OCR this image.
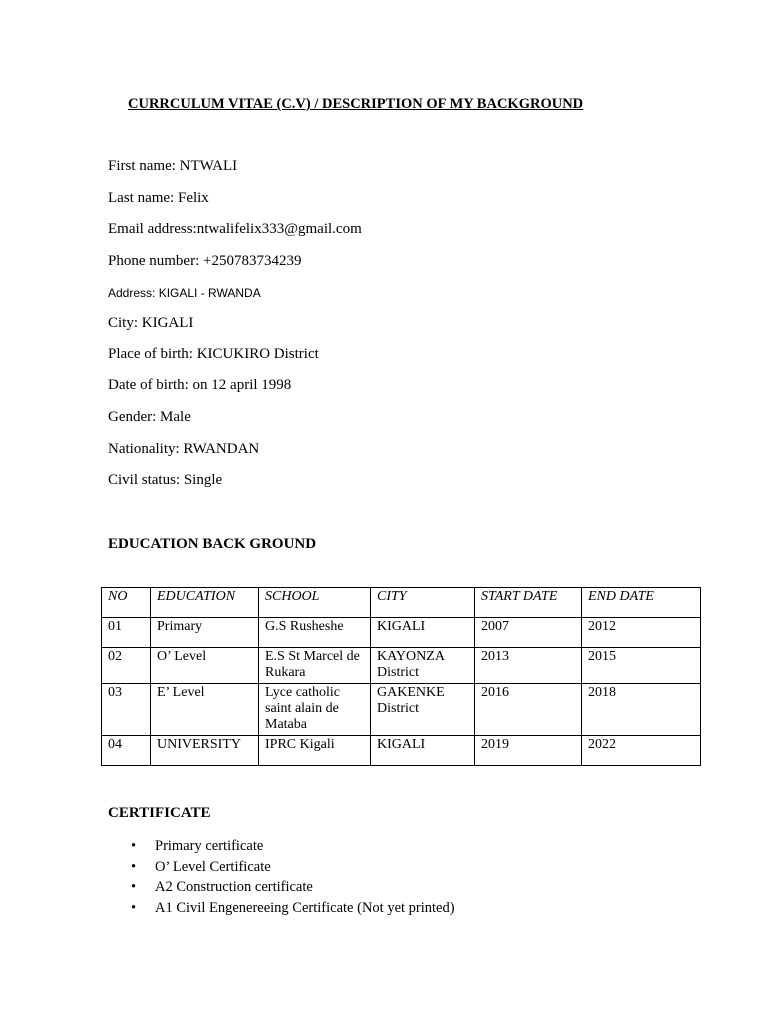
CURRCULUM VITAE (C.V) / DESCRIPTION OF MY BACKGROUND
First name: NTWALI
Last name: Felix
Email address:ntwalifelix333@gmail.com
Phone number: +250783734239
Address: KIGALI - RWANDA
City: KIGALI
Place of birth: KICUKIRO District
Date of birth: on 12 april 1998
Gender: Male
Nationality: RWANDAN
Civil status: Single
EDUCATION BACK GROUND
NO	EDUCATION	SCHOOL	CITY	START DATE	END DATE
01	Primary	G.S Rusheshe	KIGALI	2007	2012
02	O’ Level	E.S St Marcel de Rukara	KAYONZA District	2013	2015
03	E’ Level	Lyce catholic saint alain de Mataba	GAKENKE District	2016	2018
04	UNIVERSITY	IPRC Kigali	KIGALI	2019	2022
CERTIFICATE
• Primary certificate
• O’ Level Certificate
• A2 Construction certificate
• A1 Civil Engenereeing Certificate (Not yet printed)
